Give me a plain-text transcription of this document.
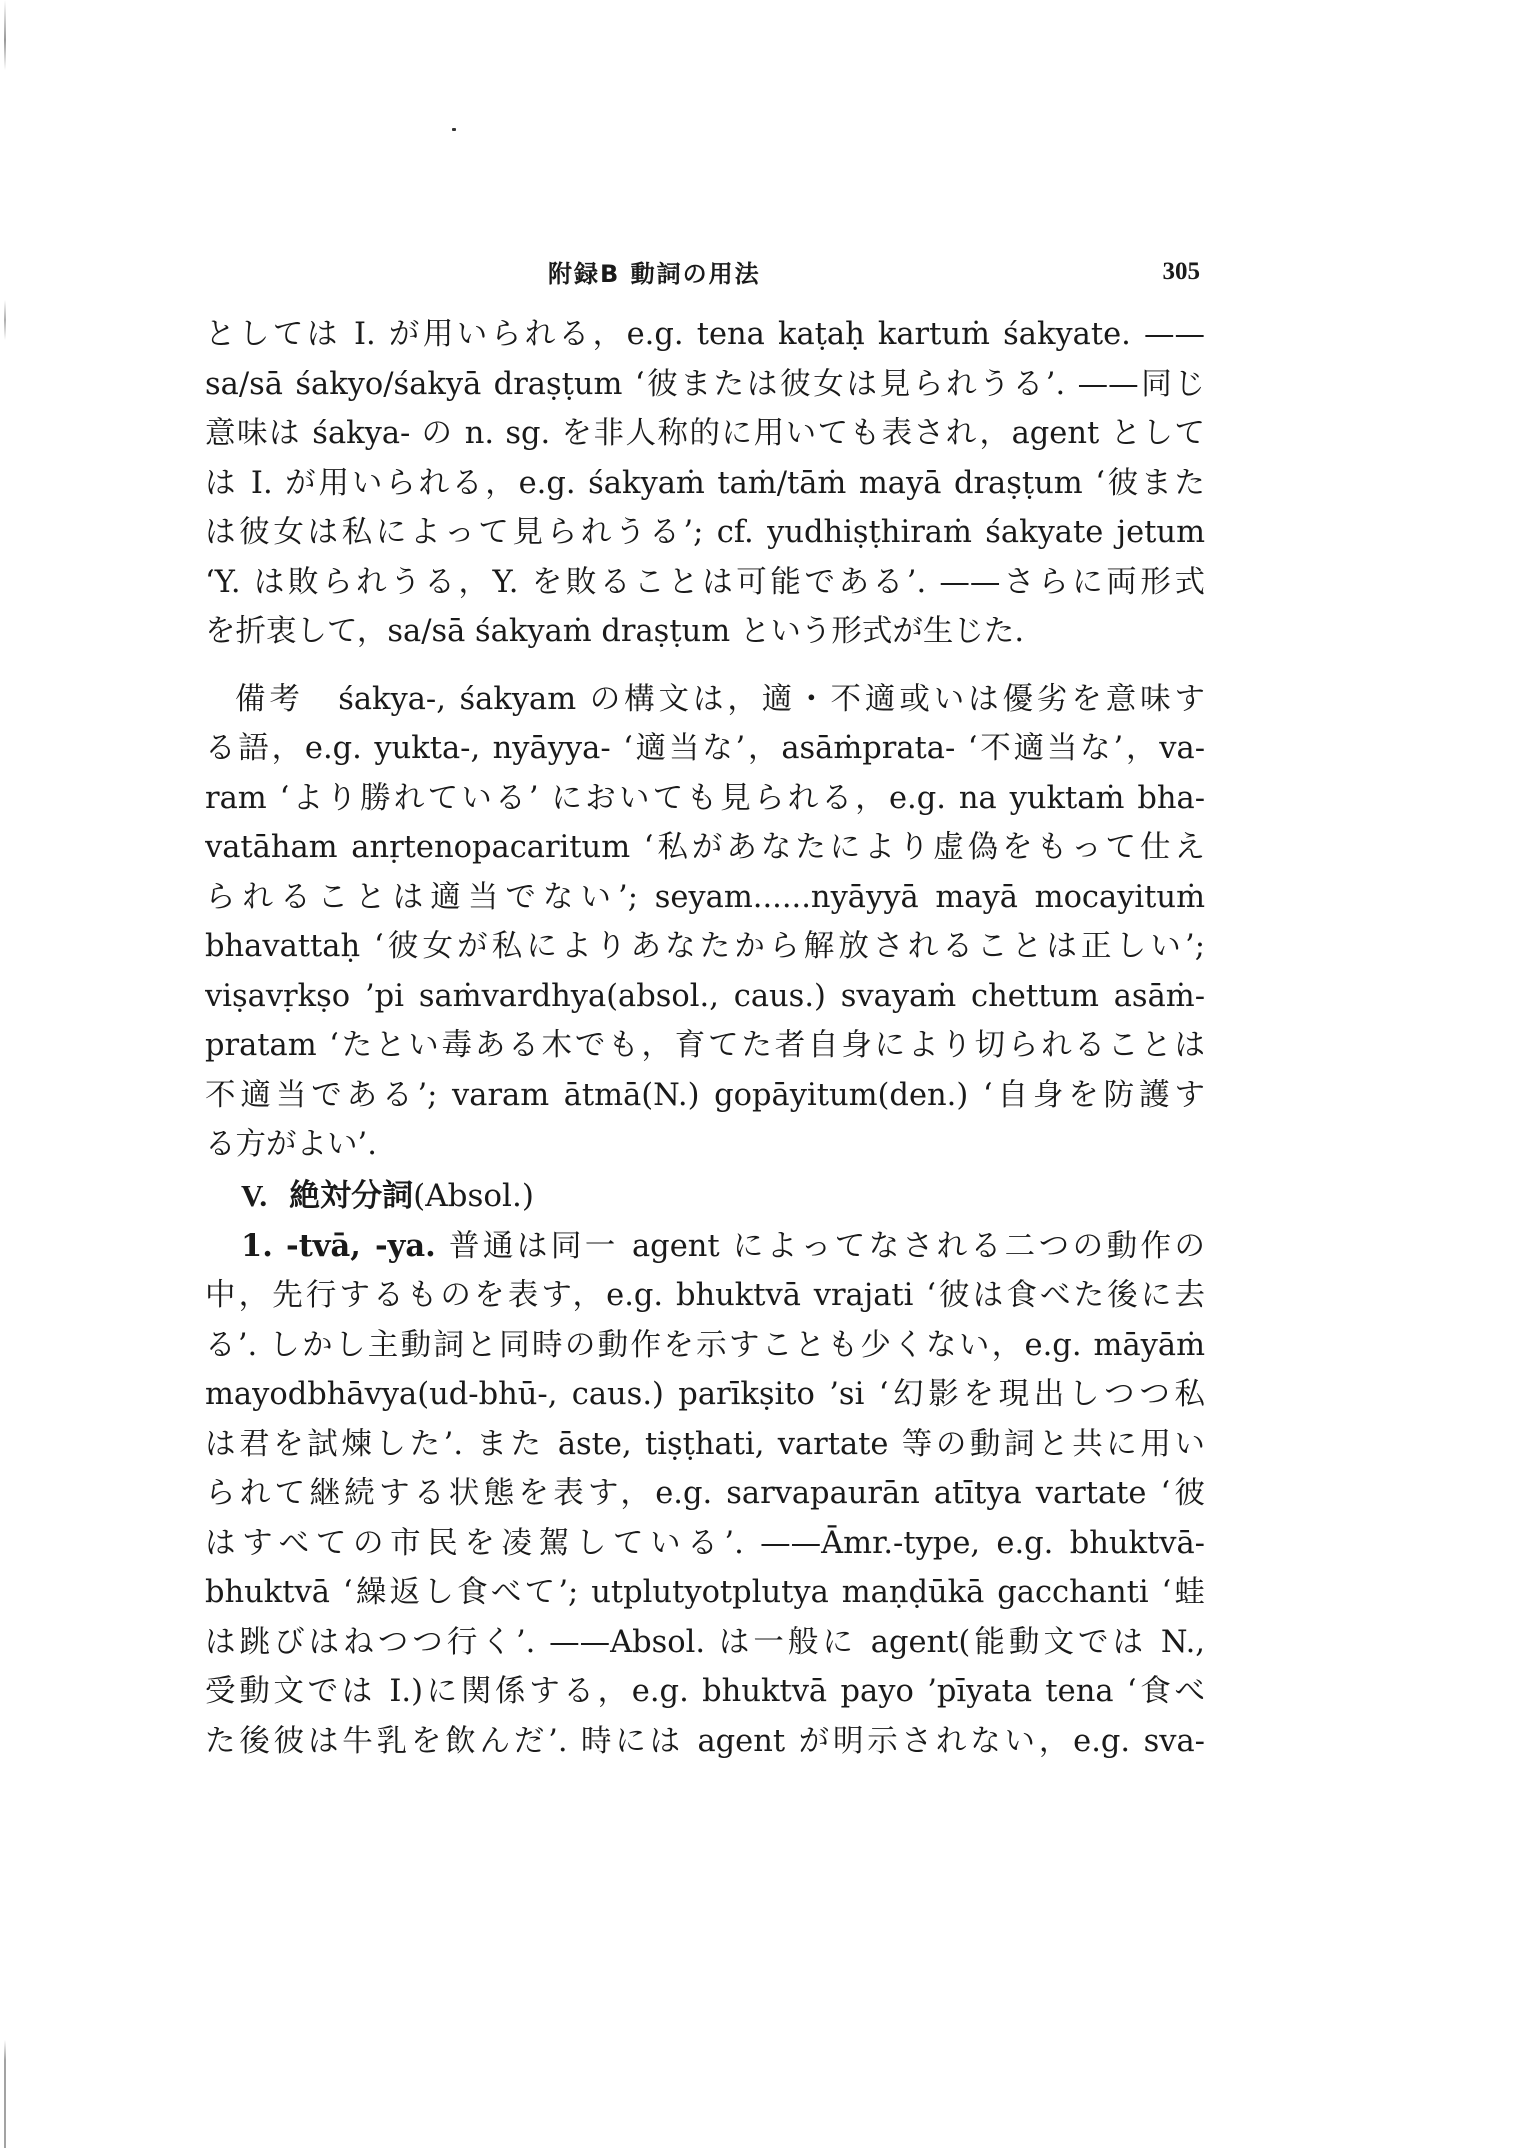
附録B 動詞の用法	305
としては I. が用いられる，e.g. tena kaṭaḥ kartuṁ śakyate. ——
sa/sā śakyo/śakyā draṣṭum ‘彼または彼女は見られうる’. ——同じ
意味は śakya- の n. sg. を非人称的に用いても表され，agent として
は I. が用いられる，e.g. śakyaṁ taṁ/tāṁ mayā draṣṭum ‘彼また
は彼女は私によって見られうる’; cf. yudhiṣṭhiraṁ śakyate jetum
‘Y. は敗られうる，Y. を敗ることは可能である’. ——さらに両形式
を折衷して，sa/sā śakyaṁ draṣṭum という形式が生じた.
備考　śakya-, śakyam の構文は，適・不適或いは優劣を意味す
る語，e.g. yukta-, nyāyya- ‘適当な’，asāṁprata- ‘不適当な’，va-
ram ‘より勝れている’ においても見られる，e.g. na yuktaṁ bha-
vatāham anṛtenopacaritum ‘私があなたにより虚偽をもって仕え
られることは適当でない’; seyam......nyāyyā mayā mocayituṁ
bhavattaḥ ‘彼女が私によりあなたから解放されることは正しい’;
viṣavṛkṣo ’pi saṁvardhya(absol., caus.) svayaṁ chettum asāṁ-
pratam ‘たとい毒ある木でも，育てた者自身により切られることは
不適当である’; varam ātmā(N.) gopāyitum(den.) ‘自身を防護す
る方がよい’.
V. 絶対分詞(Absol.)
1. -tvā, -ya. 普通は同一 agent によってなされる二つの動作の
中，先行するものを表す，e.g. bhuktvā vrajati ‘彼は食べた後に去
る’. しかし主動詞と同時の動作を示すことも少くない，e.g. māyāṁ
mayodbhāvya(ud-bhū-, caus.) parīkṣito ’si ‘幻影を現出しつつ私
は君を試煉した’. また āste, tiṣṭhati, vartate 等の動詞と共に用い
られて継続する状態を表す，e.g. sarvapaurān atītya vartate ‘彼
はすべての市民を凌駕している’. ——Āmr.-type, e.g. bhuktvā-
bhuktvā ‘繰返し食べて’; utplutyotplutya maṇḍūkā gacchanti ‘蛙
は跳びはねつつ行く’. ——Absol. は一般に agent(能動文では N.,
受動文では I.)に関係する，e.g. bhuktvā payo ’pīyata tena ‘食べ
た後彼は牛乳を飲んだ’. 時には agent が明示されない，e.g. sva-
